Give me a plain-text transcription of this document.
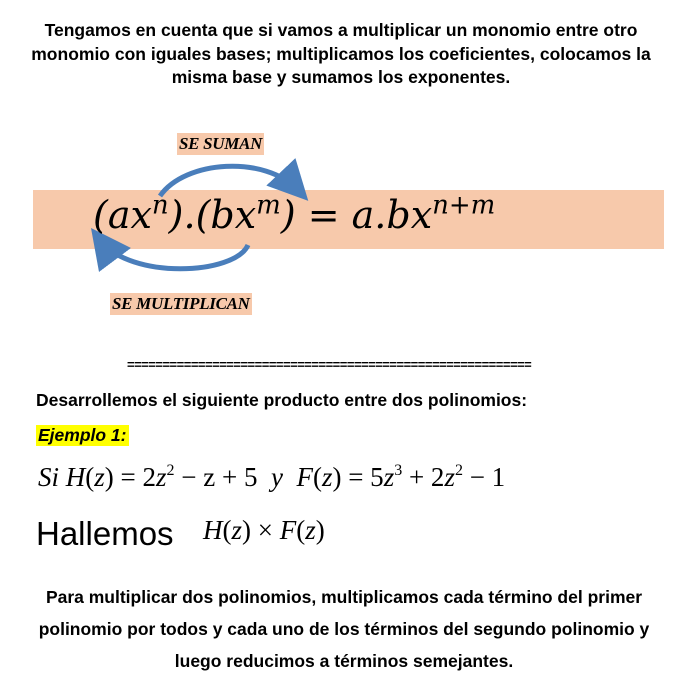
Tengamos en cuenta que si vamos a multiplicar un monomio entre otro monomio con iguales bases; multiplicamos los coeficientes, colocamos la misma base y sumamos los exponentes.
SE SUMAN
SE MULTIPLICAN
$(ax^n).(bx^m) = a.bx^{n+m}$
=========================================================
Desarrollemos el siguiente producto entre dos polinomios:
Ejemplo 1:
Si $H(z) = 2z^2 - z + 5$ y $F(z) = 5z^3 + 2z^2 - 1$
Hallemos H(z) × F(z)
Para multiplicar dos polinomios, multiplicamos cada término del primer polinomio por todos y cada uno de los términos del segundo polinomio y luego reducimos a términos semejantes.
